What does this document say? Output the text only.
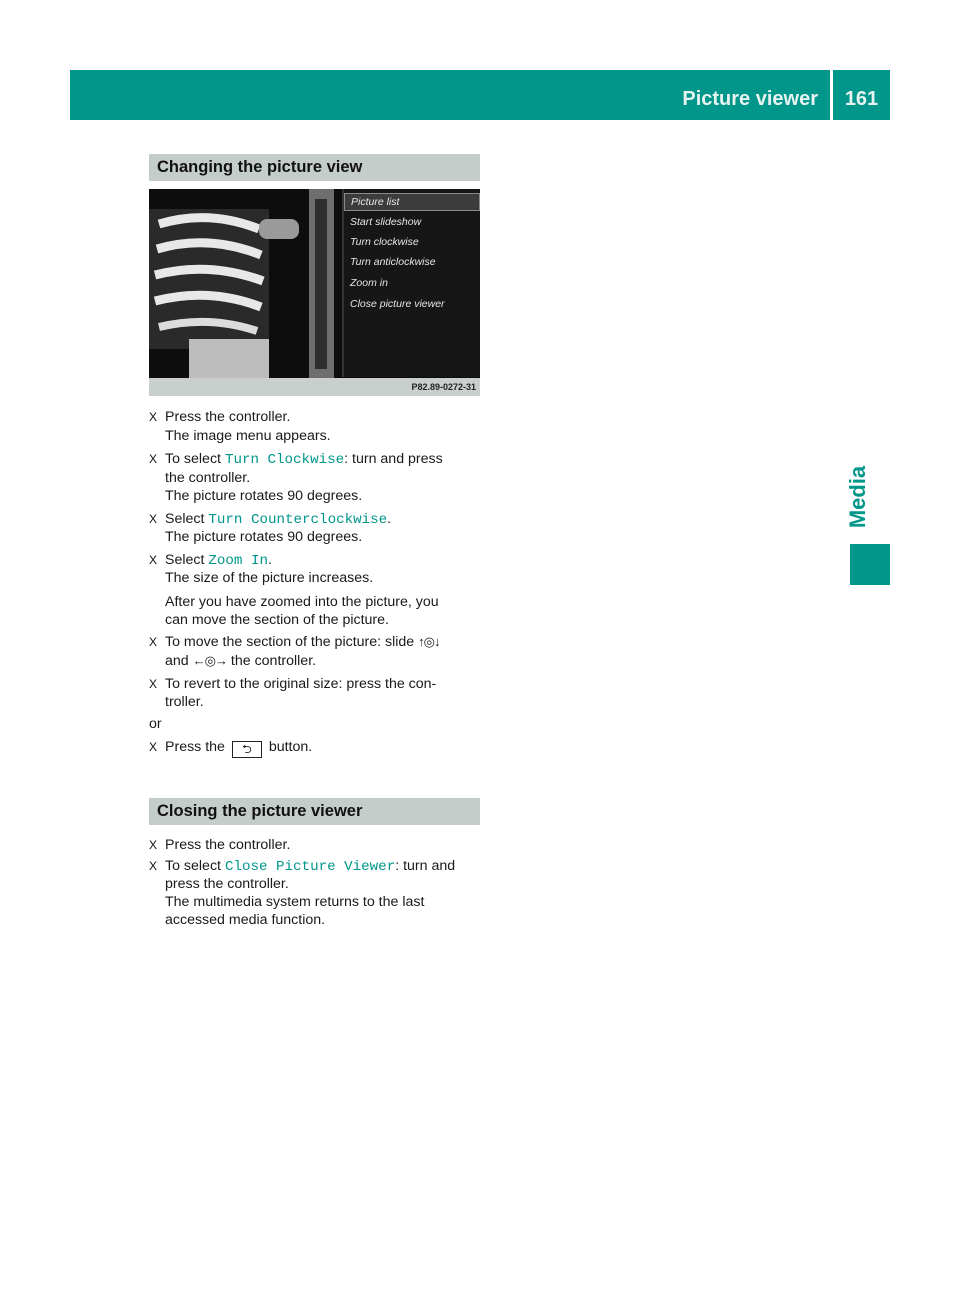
Picture viewer	161
Media
Changing the picture view
Picture list
Start slideshow
Turn clockwise
Turn anticlockwise
Zoom in
Close picture viewer
P82.89-0272-31
X Press the controller.
The image menu appears.
X To select Turn Clockwise: turn and press
the controller.
The picture rotates 90 degrees.
X Select Turn Counterclockwise.
The picture rotates 90 degrees.
X Select Zoom In.
The size of the picture increases.
After you have zoomed into the picture, you
can move the section of the picture.
X To move the section of the picture: slide ↑◎↓
and ←◎→ the controller.
X To revert to the original size: press the con-
troller.
or
X Press the ⮌ button.
Closing the picture viewer
X Press the controller.
X To select Close Picture Viewer: turn and
press the controller.
The multimedia system returns to the last
accessed media function.
